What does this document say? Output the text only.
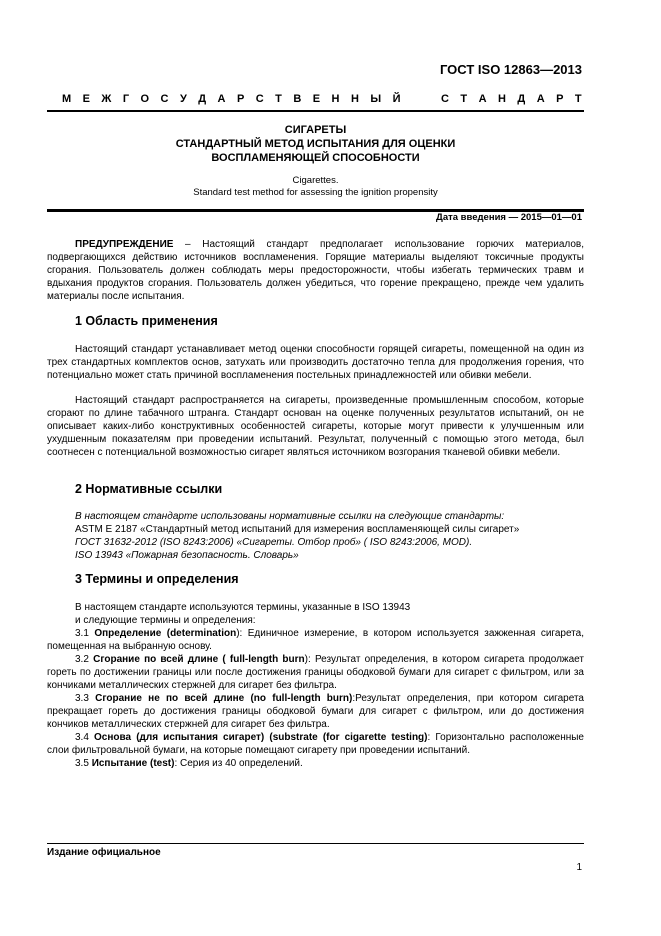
ГОСТ ISO 12863—2013
М Е Ж Г О С У Д А Р С Т В Е Н Н Ы Й

	С Т А Н Д А Р Т
СИГАРЕТЫ
СТАНДАРТНЫЙ МЕТОД ИСПЫТАНИЯ ДЛЯ ОЦЕНКИ
ВОСПЛАМЕНЯЮЩЕЙ СПОСОБНОСТИ
Cigarettes.
Standard test method for assessing the ignition propensity
Дата введения — 2015—01—01
ПРЕДУПРЕЖДЕНИЕ – Настоящий стандарт предполагает использование горючих материалов, подвергающихся действию источников воспламенения. Горящие материалы выделяют токсичные продукты сгорания. Пользователь должен соблюдать меры предосторожности, чтобы избегать термических травм и вдыхания продуктов сгорания. Пользователь должен убедиться, что горение прекращено, прежде чем удалить материалы после испытания.
1 Область применения
Настоящий стандарт устанавливает метод оценки способности горящей сигареты, помещенной на один из трех стандартных комплектов основ, затухать или производить достаточно тепла для продолжения горения, что потенциально может стать причиной воспламенения постельных принадлежностей или обивки мебели.
Настоящий стандарт распространяется на сигареты, произведенные промышленным способом, которые сгорают по длине табачного штранга. Стандарт основан на оценке полученных результатов испытаний, он не описывает каких-либо конструктивных особенностей сигареты, которые могут привести к улучшенным или ухудшенным показателям при проведении испытаний. Результат, полученный с помощью этого метода, был соотнесен с потенциальной возможностью сигарет являться источником возгорания тканевой обивки мебели.
2 Нормативные ссылки
В настоящем стандарте использованы нормативные ссылки на следующие стандарты:
ASTM E 2187 «Стандартный метод испытаний для измерения воспламеняющей силы сигарет»
ГОСТ 31632-2012 (ISO 8243:2006) «Сигареты. Отбор проб» ( ISO 8243:2006, MOD).
ISO 13943 «Пожарная безопасность. Словарь»
3 Термины и определения
В настоящем стандарте используются термины, указанные в ISO 13943
и следующие термины и определения:
3.1 Определение (determination): Единичное измерение, в котором используется зажженная сигарета, помещенная на выбранную основу.
3.2 Сгорание по всей длине ( full-length burn): Результат определения, в котором сигарета продолжает гореть по достижении границы или после достижения границы ободковой бумаги для сигарет с фильтром, или за кончиками металлических стержней для сигарет без фильтра.
3.3 Сгорание не по всей длине (no full-length burn):Результат определения, при котором сигарета прекращает гореть до достижения границы ободковой бумаги для сигарет с фильтром, или до достижения кончиков металлических стержней для сигарет без фильтра.
3.4 Основа (для испытания сигарет) (substrate (for cigarette testing): Горизонтально расположенные слои фильтровальной бумаги, на которые помещают сигарету при проведении испытаний.
3.5 Испытание (test): Серия из 40 определений.
Издание официальное
1
